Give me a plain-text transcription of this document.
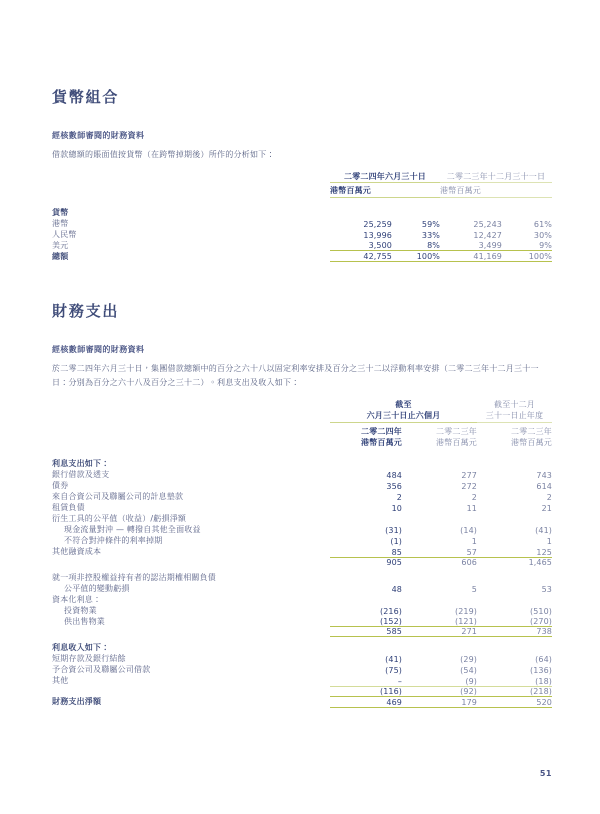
貨幣組合

經核數師審閱的財務資料

借款總額的賬面值按貨幣（在跨幣掉期後）所作的分析如下：

	二零二四年六月三十日		二零二三年十二月三十一日	
	港幣百萬元		港幣百萬元	

貨幣				
港幣	25,259	59%	25,243	61%
人民幣	13,996	33%	12,427	30%
美元	3,500	8%	3,499	9%
總額	42,755	100%	41,169	100%
財務支出

經核數師審閱的財務資料

於二零二四年六月三十日，集團借款總額中的百分之六十八以固定利率安排及百分之三十二以浮動利率安排（二零二三年十二月三十一日：分別為百分之六十八及百分之三十二）。利息支出及收入如下：

	截至		截至十二月
	六月三十日止六個月		三十一日止年度
	二零二四年	二零二三年	二零二三年
	港幣百萬元	港幣百萬元	港幣百萬元

利息支出如下：			
銀行借款及透支	484	277	743
債券	356	272	614
來自合資公司及聯屬公司的計息墊款	2	2	2
租賃負債	10	11	21
衍生工具的公平值（收益）/虧損淨額			
現金流量對沖 — 轉撥自其他全面收益	(31)	(14)	(41)
不符合對沖條件的利率掉期	(1)	1	1
其他融資成本	85	57	125
	905	606	1,465

就一項非控股權益持有者的認沽期權相關負債			
公平值的變動虧損	48	5	53
資本化利息：			
投資物業	(216)	(219)	(510)
供出售物業	(152)	(121)	(270)
	585	271	738

利息收入如下：			
短期存款及銀行結餘	(41)	(29)	(64)
予合資公司及聯屬公司借款	(75)	(54)	(136)
其他	–	(9)	(18)
	(116)	(92)	(218)
財務支出淨額	469	179	520
51
